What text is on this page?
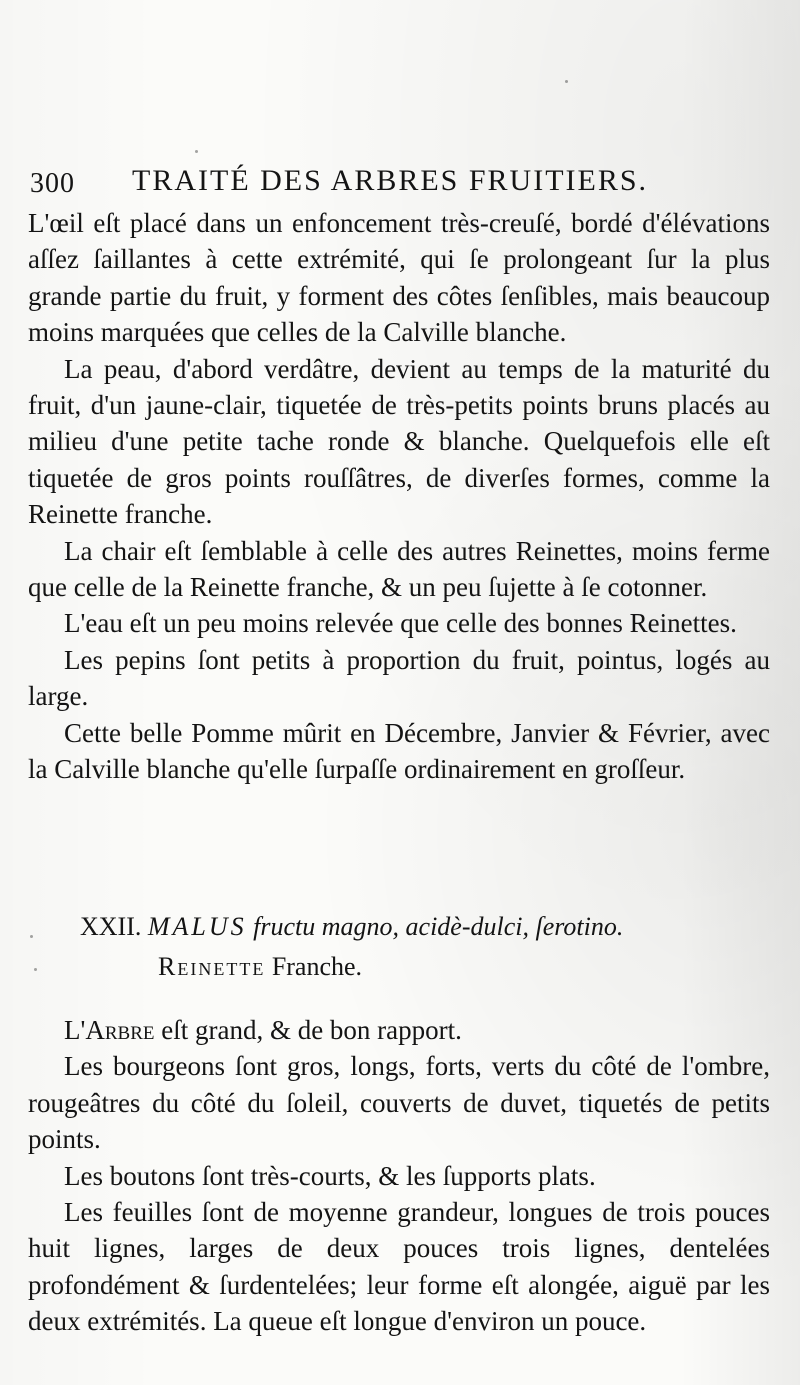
300 TRAITÉ DES ARBRES FRUITIERS.

L'œil eſt placé dans un enfoncement très-creuſé, bordé d'élévations aſſez ſaillantes à cette extrémité, qui ſe prolongeant ſur la plus grande partie du fruit, y forment des côtes ſenſibles, mais beaucoup moins marquées que celles de la Calville blanche.

La peau, d'abord verdâtre, devient au temps de la maturité du fruit, d'un jaune-clair, tiquetée de très-petits points bruns placés au milieu d'une petite tache ronde & blanche. Quelquefois elle eſt tiquetée de gros points rouſſâtres, de diverſes formes, comme la Reinette franche.

La chair eſt ſemblable à celle des autres Reinettes, moins ferme que celle de la Reinette franche, & un peu ſujette à ſe cotonner.

L'eau eſt un peu moins relevée que celle des bonnes Reinettes.

Les pepins ſont petits à proportion du fruit, pointus, logés au large.

Cette belle Pomme mûrit en Décembre, Janvier & Février, avec la Calville blanche qu'elle ſurpaſſe ordinairement en groſſeur.

XXII. MALUS fructu magno, acidè-dulci, ſerotino.
Reinette Franche.

L'Arbre eſt grand, & de bon rapport.

Les bourgeons ſont gros, longs, forts, verts du côté de l'ombre, rougeâtres du côté du ſoleil, couverts de duvet, tiquetés de petits points.

Les boutons ſont très-courts, & les ſupports plats.

Les feuilles ſont de moyenne grandeur, longues de trois pouces huit lignes, larges de deux pouces trois lignes, dentelées profondément & ſurdentelées; leur forme eſt alongée, aiguë par les deux extrémités. La queue eſt longue d'environ un pouce.
